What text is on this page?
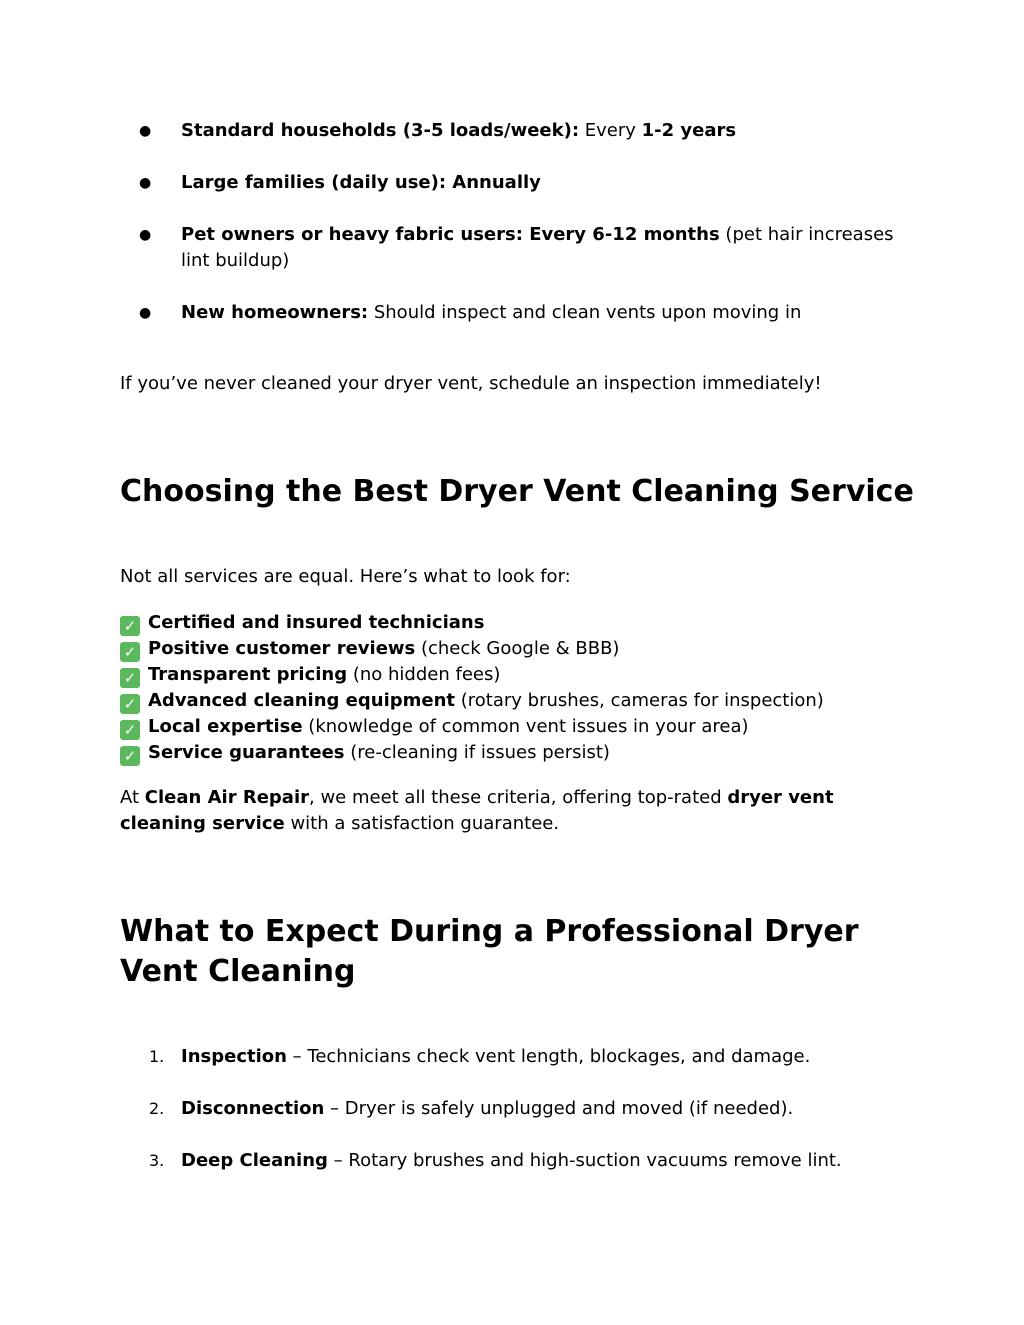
● Standard households (3-5 loads/week): Every 1-2 years
● Large families (daily use): Annually
● Pet owners or heavy fabric users: Every 6-12 months (pet hair increases lint buildup)
● New homeowners: Should inspect and clean vents upon moving in

If you’ve never cleaned your dryer vent, schedule an inspection immediately!

Choosing the Best Dryer Vent Cleaning Service

Not all services are equal. Here’s what to look for:

✓ Certified and insured technicians
✓ Positive customer reviews (check Google & BBB)
✓ Transparent pricing (no hidden fees)
✓ Advanced cleaning equipment (rotary brushes, cameras for inspection)
✓ Local expertise (knowledge of common vent issues in your area)
✓ Service guarantees (re-cleaning if issues persist)

At Clean Air Repair, we meet all these criteria, offering top-rated dryer vent cleaning service with a satisfaction guarantee.

What to Expect During a Professional Dryer Vent Cleaning
1. Inspection – Technicians check vent length, blockages, and damage.
2. Disconnection – Dryer is safely unplugged and moved (if needed).
3. Deep Cleaning – Rotary brushes and high-suction vacuums remove lint.
